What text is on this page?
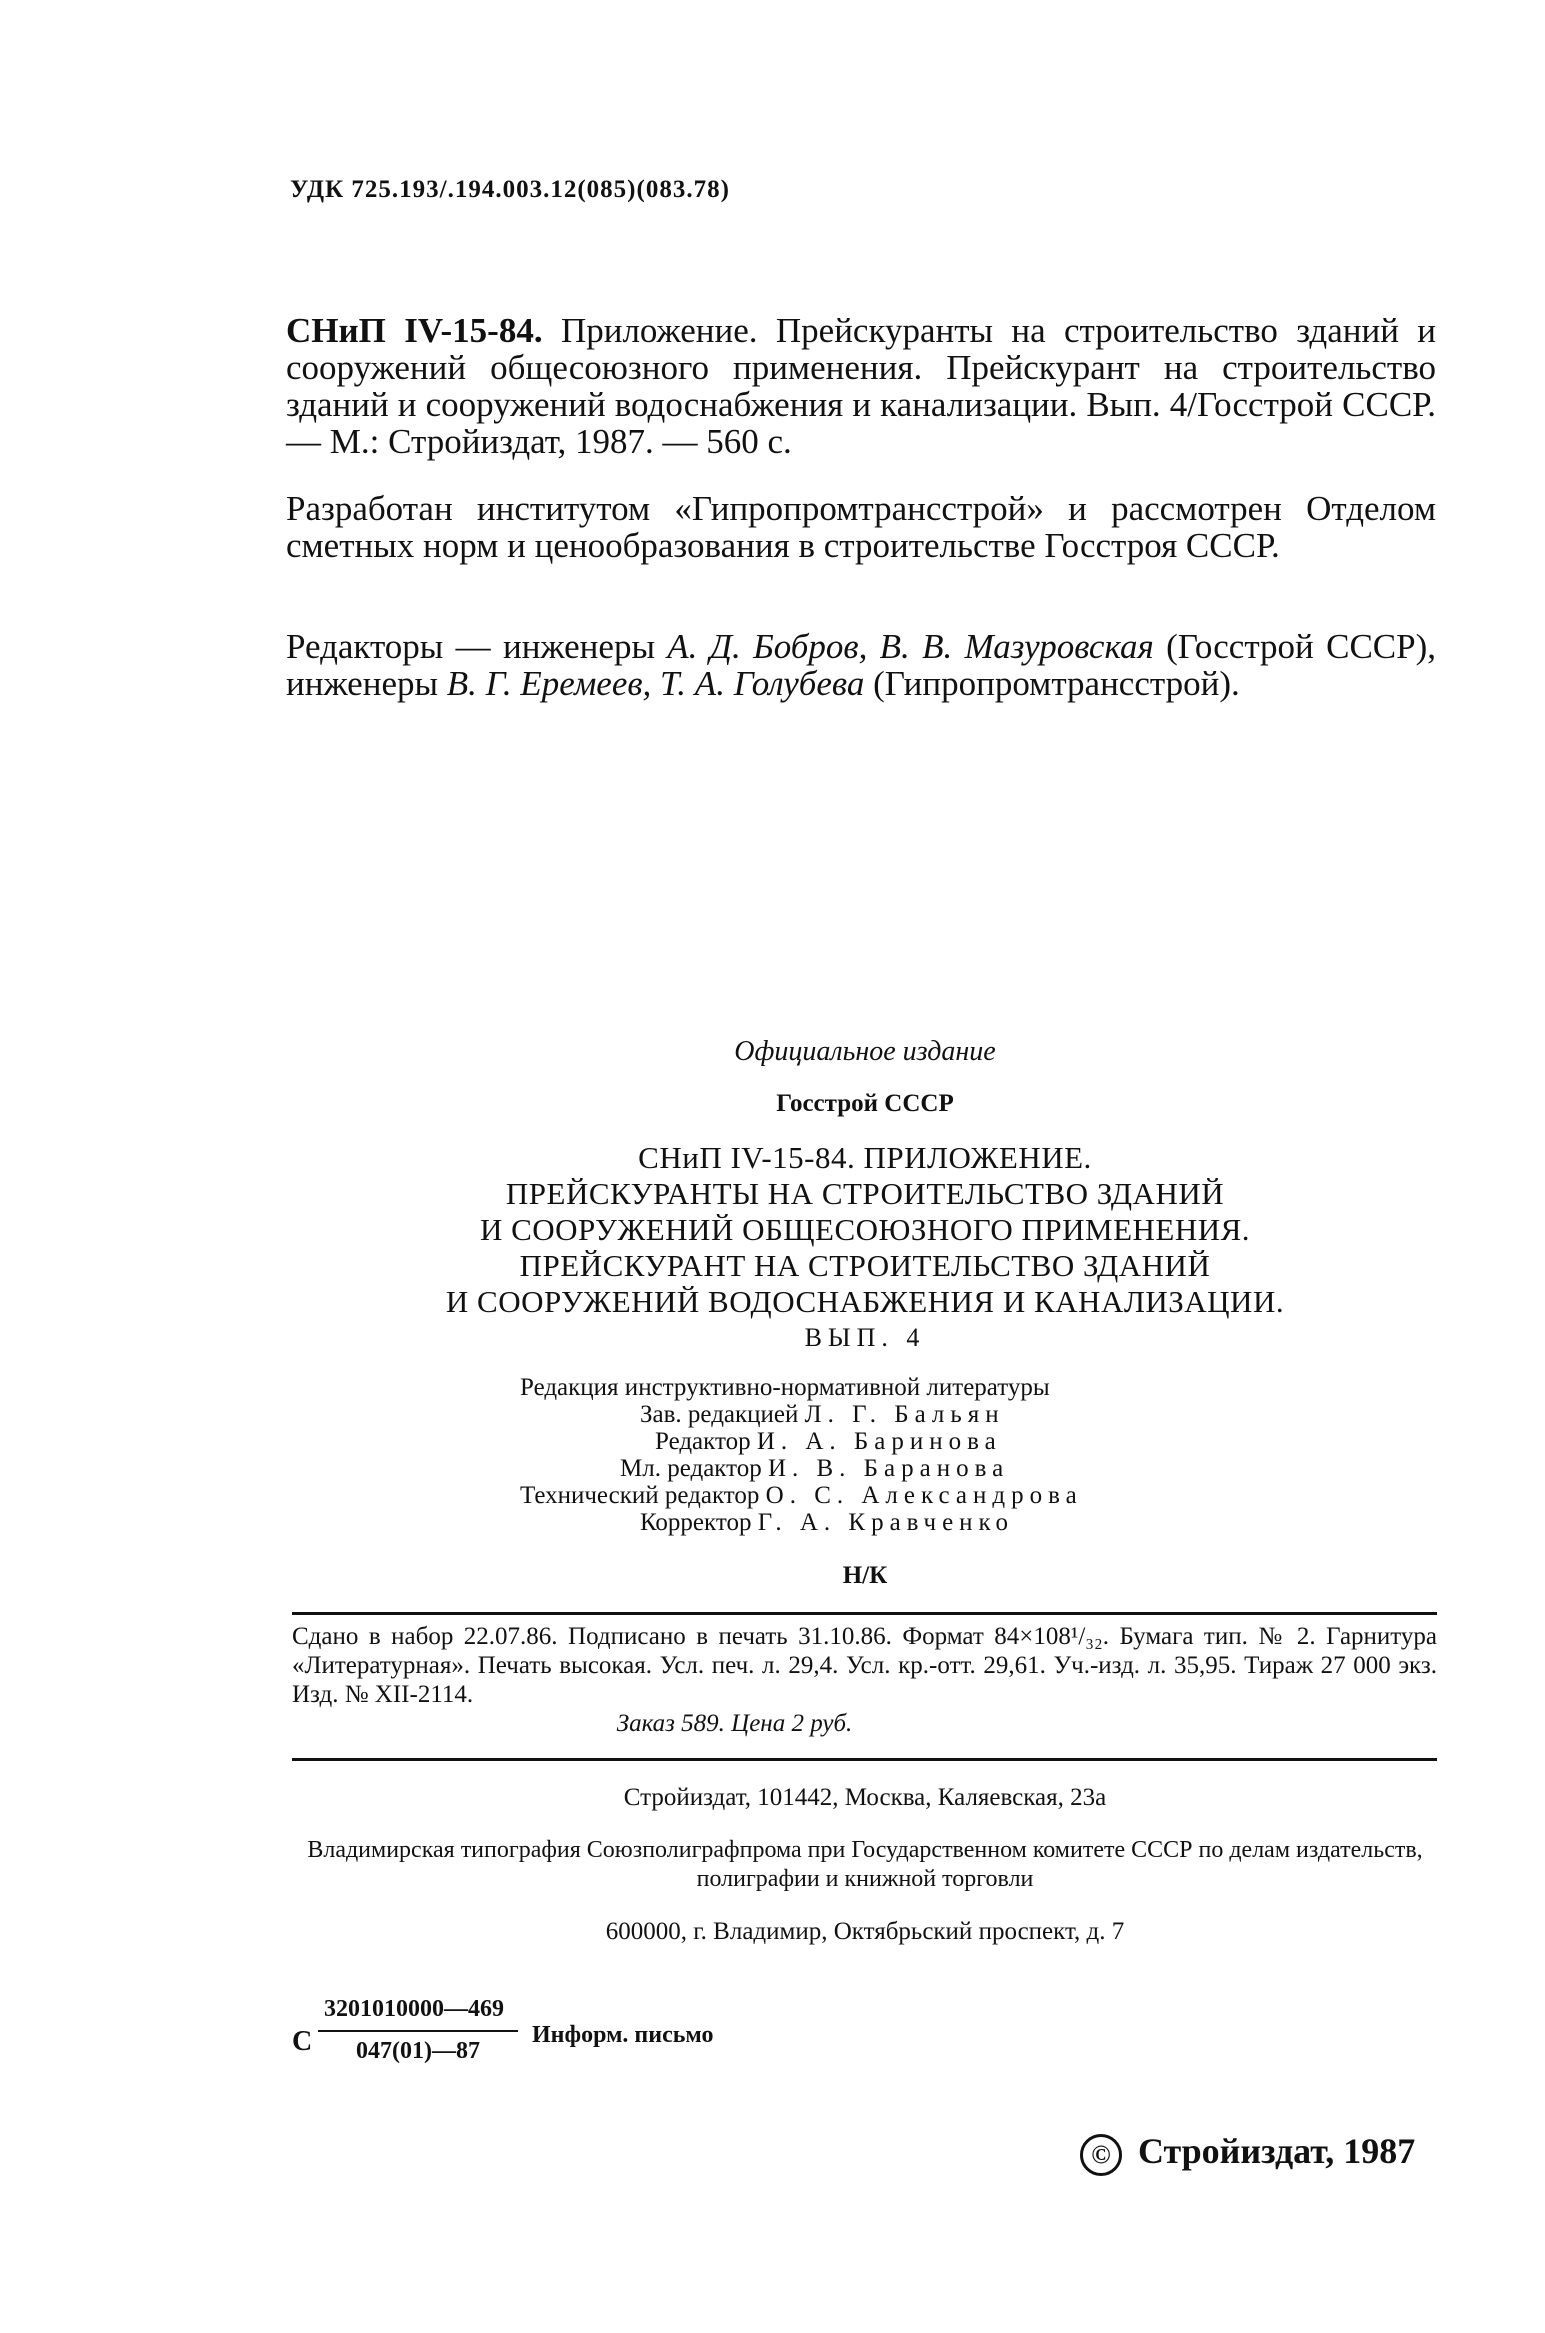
УДК 725.193/.194.003.12(085)(083.78)
СНиП IV-15-84. Приложение. Прейскуранты на строительство зданий и сооружений общесоюзного применения. Прейскурант на строительство зданий и сооружений водоснабжения и канализации. Вып. 4/Госстрой СССР. — М.: Стройиздат, 1987. — 560 с.
Разработан институтом «Гипропромтрансстрой» и рассмотрен Отделом сметных норм и ценообразования в строительстве Госстроя СССР.
Редакторы — инженеры А. Д. Бобров, В. В. Мазуровская (Госстрой СССР), инженеры В. Г. Еремеев, Т. А. Голубева (Гипропромтрансстрой).
Официальное издание
Госстрой СССР
СНиП IV-15-84. ПРИЛОЖЕНИЕ.
ПРЕЙСКУРАНТЫ НА СТРОИТЕЛЬСТВО ЗДАНИЙ
И СООРУЖЕНИЙ ОБЩЕСОЮЗНОГО ПРИМЕНЕНИЯ.
ПРЕЙСКУРАНТ НА СТРОИТЕЛЬСТВО ЗДАНИЙ
И СООРУЖЕНИЙ ВОДОСНАБЖЕНИЯ И КАНАЛИЗАЦИИ.
ВЫП. 4
Редакция инструктивно-нормативной литературы
Зав. редакцией Л. Г. Бальян
Редактор И. А. Баринова
Мл. редактор И. В. Баранова
Технический редактор О. С. Александрова
Корректор Г. А. Кравченко
Н/К
Сдано в набор 22.07.86. Подписано в печать 31.10.86. Формат 84×108¹/₃₂. Бумага тип. № 2. Гарнитура «Литературная». Печать высокая. Усл. печ. л. 29,4. Усл. кр.-отт. 29,61. Уч.-изд. л. 35,95. Тираж 27 000 экз. Изд. № XII-2114.
Заказ 589. Цена 2 руб.
Стройиздат, 101442, Москва, Каляевская, 23а
Владимирская типография Союзполиграфпрома при Государственном комитете СССР по делам издательств, полиграфии и книжной торговли
600000, г. Владимир, Октябрьский проспект, д. 7
С
3201010000—469
047(01)—87
Информ. письмо
© Стройиздат, 1987
